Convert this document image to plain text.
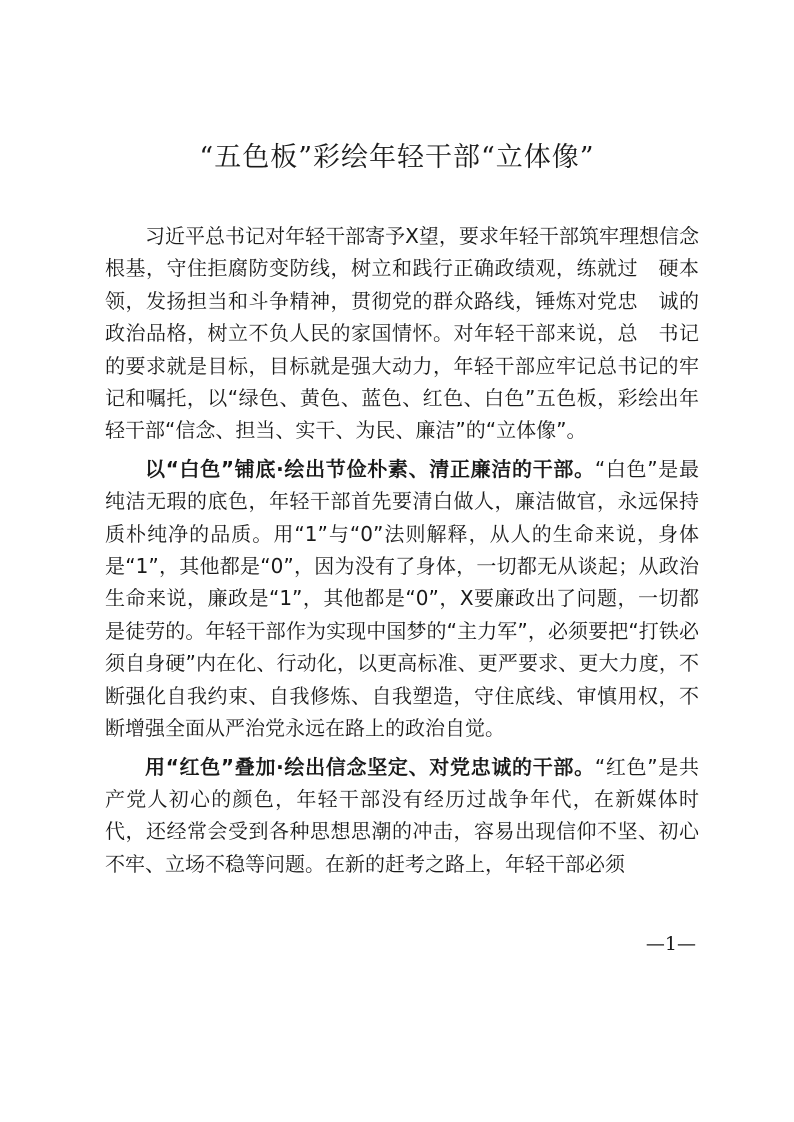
“五色板”彩绘年轻干部“立体像”

习近平总书记对年轻干部寄予X望，要求年轻干部筑牢理想信念根基，守住拒腐防变防线，树立和践行正确政绩观，练就过　硬本领，发扬担当和斗争精神，贯彻党的群众路线，锤炼对党忠　诚的政治品格，树立不负人民的家国情怀。对年轻干部来说，总　书记的要求就是目标，目标就是强大动力，年轻干部应牢记总书记的牢记和嘱托，以“绿色、黄色、蓝色、红色、白色”五色板，彩绘出年轻干部“信念、担当、实干、为民、廉洁”的“立体像”。

以“白色”铺底·绘出节俭朴素、清正廉洁的干部。“白色”是最纯洁无瑕的底色，年轻干部首先要清白做人，廉洁做官，永远保持质朴纯净的品质。用“1”与“0”法则解释，从人的生命来说，身体是“1”，其他都是“0”，因为没有了身体，一切都无从谈起；从政治生命来说，廉政是“1”，其他都是“0”，X要廉政出了问题，一切都是徒劳的。年轻干部作为实现中国梦的“主力军”，必须要把“打铁必须自身硬”内在化、行动化，以更高标准、更严要求、更大力度，不断强化自我约束、自我修炼、自我塑造，守住底线、审慎用权，不断增强全面从严治党永远在路上的政治自觉。

用“红色”叠加·绘出信念坚定、对党忠诚的干部。“红色”是共产党人初心的颜色，年轻干部没有经历过战争年代，在新媒体时代，还经常会受到各种思想思潮的冲击，容易出现信仰不坚、初心不牢、立场不稳等问题。在新的赶考之路上，年轻干部必须

—1—
